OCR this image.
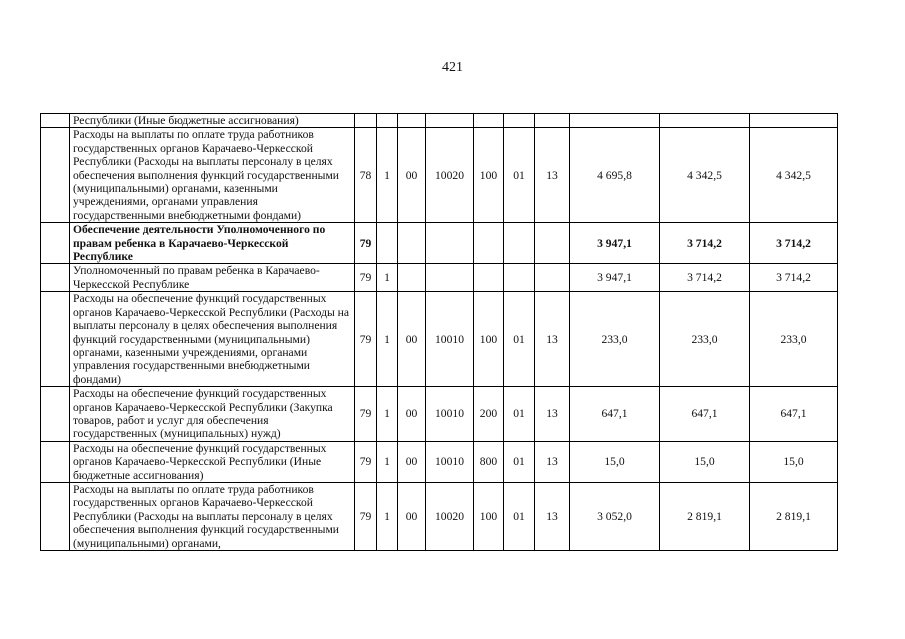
421
	Республики (Иные бюджетные ассигнования)										
	Расходы на выплаты по оплате труда работников государственных органов Карачаево-Черкесской Республики (Расходы на выплаты персоналу в целях обеспечения выполнения функций государственными (муниципальными) органами, казенными учреждениями, органами управления государственными внебюджетными фондами)	78	1	00	10020	100	01	13	4 695,8	4 342,5	4 342,5
	Обеспечение деятельности Уполномоченного по правам ребенка в Карачаево-Черкесской Республике	79							3 947,1	3 714,2	3 714,2
	Уполномоченный по правам ребенка в Карачаево-Черкесской Республике	79	1						3 947,1	3 714,2	3 714,2
	Расходы на обеспечение функций государственных органов Карачаево-Черкесской Республики (Расходы на выплаты персоналу в целях обеспечения выполнения функций государственными (муниципальными) органами, казенными учреждениями, органами управления государственными внебюджетными фондами)	79	1	00	10010	100	01	13	233,0	233,0	233,0
	Расходы на обеспечение функций государственных органов Карачаево-Черкесской Республики (Закупка товаров, работ и услуг для обеспечения государственных (муниципальных) нужд)	79	1	00	10010	200	01	13	647,1	647,1	647,1
	Расходы на обеспечение функций государственных органов Карачаево-Черкесской Республики (Иные бюджетные ассигнования)	79	1	00	10010	800	01	13	15,0	15,0	15,0
	Расходы на выплаты по оплате труда работников государственных органов Карачаево-Черкесской Республики (Расходы на выплаты персоналу в целях обеспечения выполнения функций государственными (муниципальными) органами,	79	1	00	10020	100	01	13	3 052,0	2 819,1	2 819,1
